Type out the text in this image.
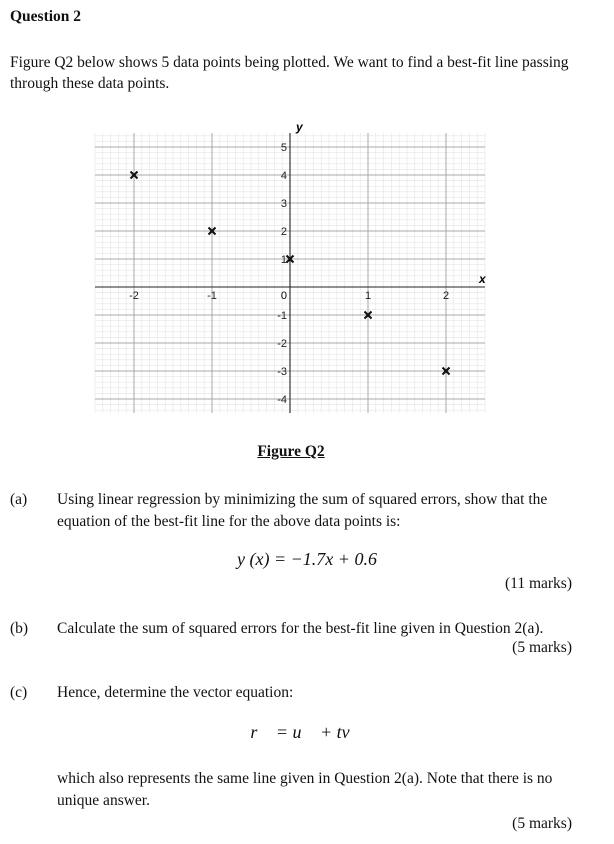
Question 2
Figure Q2 below shows 5 data points being plotted. We want to find a best-fit line passing through these data points.
-2	-1	1	2
5
4
3
2
1
-1
-2
-3
-4
x
y
0
Figure Q2
(a) Using linear regression by minimizing the sum of squared errors, show that the equation of the best-fit line for the above data points is:
y (x) = −1.7x + 0.6
(11 marks)
(b) Calculate the sum of squared errors for the best-fit line given in Question 2(a).
(5 marks)
(c) Hence, determine the vector equation:
r⃗ = u⃗ + tv⃗
which also represents the same line given in Question 2(a). Note that there is no unique answer.
(5 marks)
